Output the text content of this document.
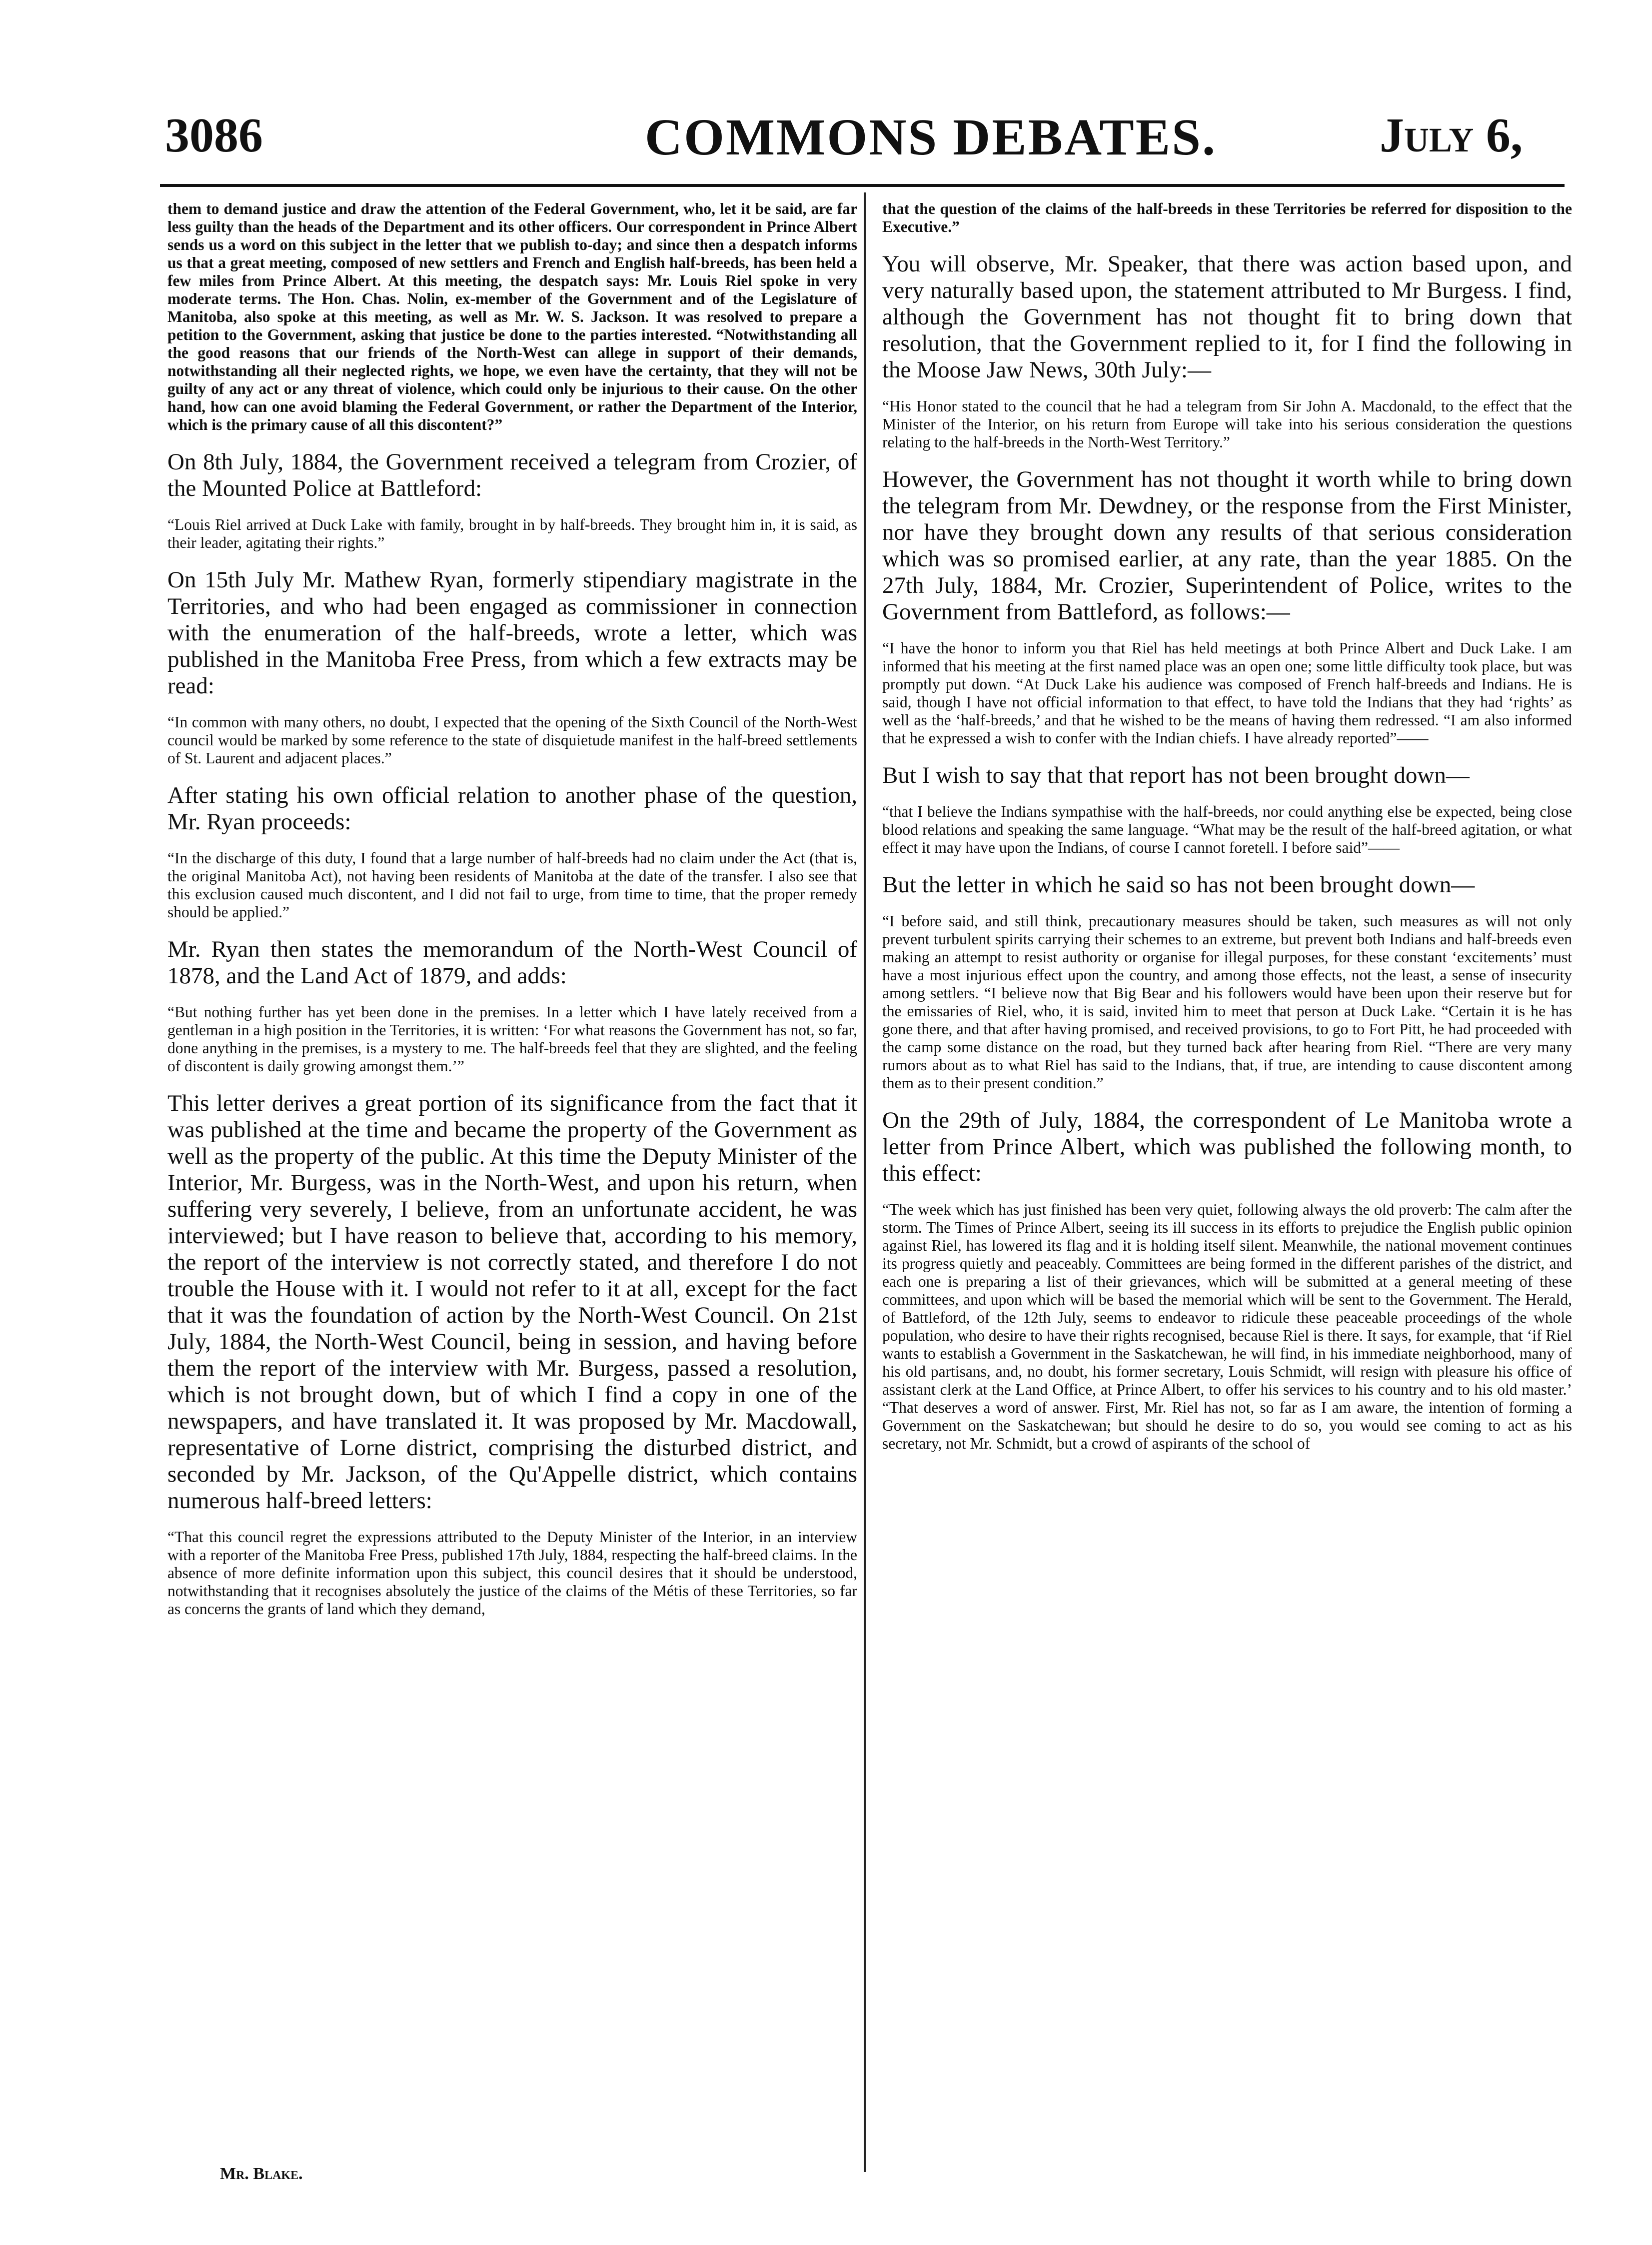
3086	COMMONS DEBATES.	July 6,

them to demand justice and draw the attention of the Federal Government, who, let it be said, are far less guilty than the heads of the Department and its other officers. Our correspondent in Prince Albert sends us a word on this subject in the letter that we publish to-day; and since then a despatch informs us that a great meeting, composed of new settlers and French and English half-breeds, has been held a few miles from Prince Albert. At this meeting, the despatch says: Mr. Louis Riel spoke in very moderate terms. The Hon. Chas. Nolin, ex-member of the Government and of the Legislature of Manitoba, also spoke at this meeting, as well as Mr. W. S. Jackson. It was resolved to prepare a petition to the Government, asking that justice be done to the parties interested. “Notwithstanding all the good reasons that our friends of the North-West can allege in support of their demands, notwithstanding all their neglected rights, we hope, we even have the certainty, that they will not be guilty of any act or any threat of violence, which could only be injurious to their cause. On the other hand, how can one avoid blaming the Federal Government, or rather the Department of the Interior, which is the primary cause of all this discontent?”

On 8th July, 1884, the Government received a telegram from Crozier, of the Mounted Police at Battleford:

“Louis Riel arrived at Duck Lake with family, brought in by half-breeds. They brought him in, it is said, as their leader, agitating their rights.”

On 15th July Mr. Mathew Ryan, formerly stipendiary magistrate in the Territories, and who had been engaged as commissioner in connection with the enumeration of the half-breeds, wrote a letter, which was published in the Manitoba Free Press, from which a few extracts may be read:

“In common with many others, no doubt, I expected that the opening of the Sixth Council of the North-West council would be marked by some reference to the state of disquietude manifest in the half-breed settlements of St. Laurent and adjacent places.”

After stating his own official relation to another phase of the question, Mr. Ryan proceeds:

“In the discharge of this duty, I found that a large number of half-breeds had no claim under the Act (that is, the original Manitoba Act), not having been residents of Manitoba at the date of the transfer. I also see that this exclusion caused much discontent, and I did not fail to urge, from time to time, that the proper remedy should be applied.”

Mr. Ryan then states the memorandum of the North-West Council of 1878, and the Land Act of 1879, and adds:

“But nothing further has yet been done in the premises. In a letter which I have lately received from a gentleman in a high position in the Territories, it is written: ‘For what reasons the Government has not, so far, done anything in the premises, is a mystery to me. The half-breeds feel that they are slighted, and the feeling of discontent is daily growing amongst them.’”

This letter derives a great portion of its significance from the fact that it was published at the time and became the property of the Government as well as the property of the public. At this time the Deputy Minister of the Interior, Mr. Burgess, was in the North-West, and upon his return, when suffering very severely, I believe, from an unfortunate accident, he was interviewed; but I have reason to believe that, according to his memory, the report of the interview is not correctly stated, and therefore I do not trouble the House with it. I would not refer to it at all, except for the fact that it was the foundation of action by the North-West Council. On 21st July, 1884, the North-West Council, being in session, and having before them the report of the interview with Mr. Burgess, passed a resolution, which is not brought down, but of which I find a copy in one of the newspapers, and have translated it. It was proposed by Mr. Macdowall, representative of Lorne district, comprising the disturbed district, and seconded by Mr. Jackson, of the Qu'Appelle district, which contains numerous half-breed letters:

“That this council regret the expressions attributed to the Deputy Minister of the Interior, in an interview with a reporter of the Manitoba Free Press, published 17th July, 1884, respecting the half-breed claims. In the absence of more definite information upon this subject, this council desires that it should be understood, notwithstanding that it recognises absolutely the justice of the claims of the Métis of these Territories, so far as concerns the grants of land which they demand,

that the question of the claims of the half-breeds in these Territories be referred for disposition to the Executive.”

You will observe, Mr. Speaker, that there was action based upon, and very naturally based upon, the statement attributed to Mr Burgess. I find, although the Government has not thought fit to bring down that resolution, that the Government replied to it, for I find the following in the Moose Jaw News, 30th July:—

“His Honor stated to the council that he had a telegram from Sir John A. Macdonald, to the effect that the Minister of the Interior, on his return from Europe will take into his serious consideration the questions relating to the half-breeds in the North-West Territory.”

However, the Government has not thought it worth while to bring down the telegram from Mr. Dewdney, or the response from the First Minister, nor have they brought down any results of that serious consideration which was so promised earlier, at any rate, than the year 1885. On the 27th July, 1884, Mr. Crozier, Superintendent of Police, writes to the Government from Battleford, as follows:—

“I have the honor to inform you that Riel has held meetings at both Prince Albert and Duck Lake. I am informed that his meeting at the first named place was an open one; some little difficulty took place, but was promptly put down. “At Duck Lake his audience was composed of French half-breeds and Indians. He is said, though I have not official information to that effect, to have told the Indians that they had ‘rights’ as well as the ‘half-breeds,’ and that he wished to be the means of having them redressed. “I am also informed that he expressed a wish to confer with the Indian chiefs. I have already reported”——

But I wish to say that that report has not been brought down—

“that I believe the Indians sympathise with the half-breeds, nor could anything else be expected, being close blood relations and speaking the same language. “What may be the result of the half-breed agitation, or what effect it may have upon the Indians, of course I cannot foretell. I before said”——

But the letter in which he said so has not been brought down—

“I before said, and still think, precautionary measures should be taken, such measures as will not only prevent turbulent spirits carrying their schemes to an extreme, but prevent both Indians and half-breeds even making an attempt to resist authority or organise for illegal purposes, for these constant ‘excitements’ must have a most injurious effect upon the country, and among those effects, not the least, a sense of insecurity among settlers. “I believe now that Big Bear and his followers would have been upon their reserve but for the emissaries of Riel, who, it is said, invited him to meet that person at Duck Lake. “Certain it is he has gone there, and that after having promised, and received provisions, to go to Fort Pitt, he had proceeded with the camp some distance on the road, but they turned back after hearing from Riel. “There are very many rumors about as to what Riel has said to the Indians, that, if true, are intending to cause discontent among them as to their present condition.”

On the 29th of July, 1884, the correspondent of Le Manitoba wrote a letter from Prince Albert, which was published the following month, to this effect:

“The week which has just finished has been very quiet, following always the old proverb: The calm after the storm. The Times of Prince Albert, seeing its ill success in its efforts to prejudice the English public opinion against Riel, has lowered its flag and it is holding itself silent. Meanwhile, the national movement continues its progress quietly and peaceably. Committees are being formed in the different parishes of the district, and each one is preparing a list of their grievances, which will be submitted at a general meeting of these committees, and upon which will be based the memorial which will be sent to the Government. The Herald, of Battleford, of the 12th July, seems to endeavor to ridicule these peaceable proceedings of the whole population, who desire to have their rights recognised, because Riel is there. It says, for example, that ‘if Riel wants to establish a Government in the Saskatchewan, he will find, in his immediate neighborhood, many of his old partisans, and, no doubt, his former secretary, Louis Schmidt, will resign with pleasure his office of assistant clerk at the Land Office, at Prince Albert, to offer his services to his country and to his old master.’ “That deserves a word of answer. First, Mr. Riel has not, so far as I am aware, the intention of forming a Government on the Saskatchewan; but should he desire to do so, you would see coming to act as his secretary, not Mr. Schmidt, but a crowd of aspirants of the school of

Mr. Blake.
